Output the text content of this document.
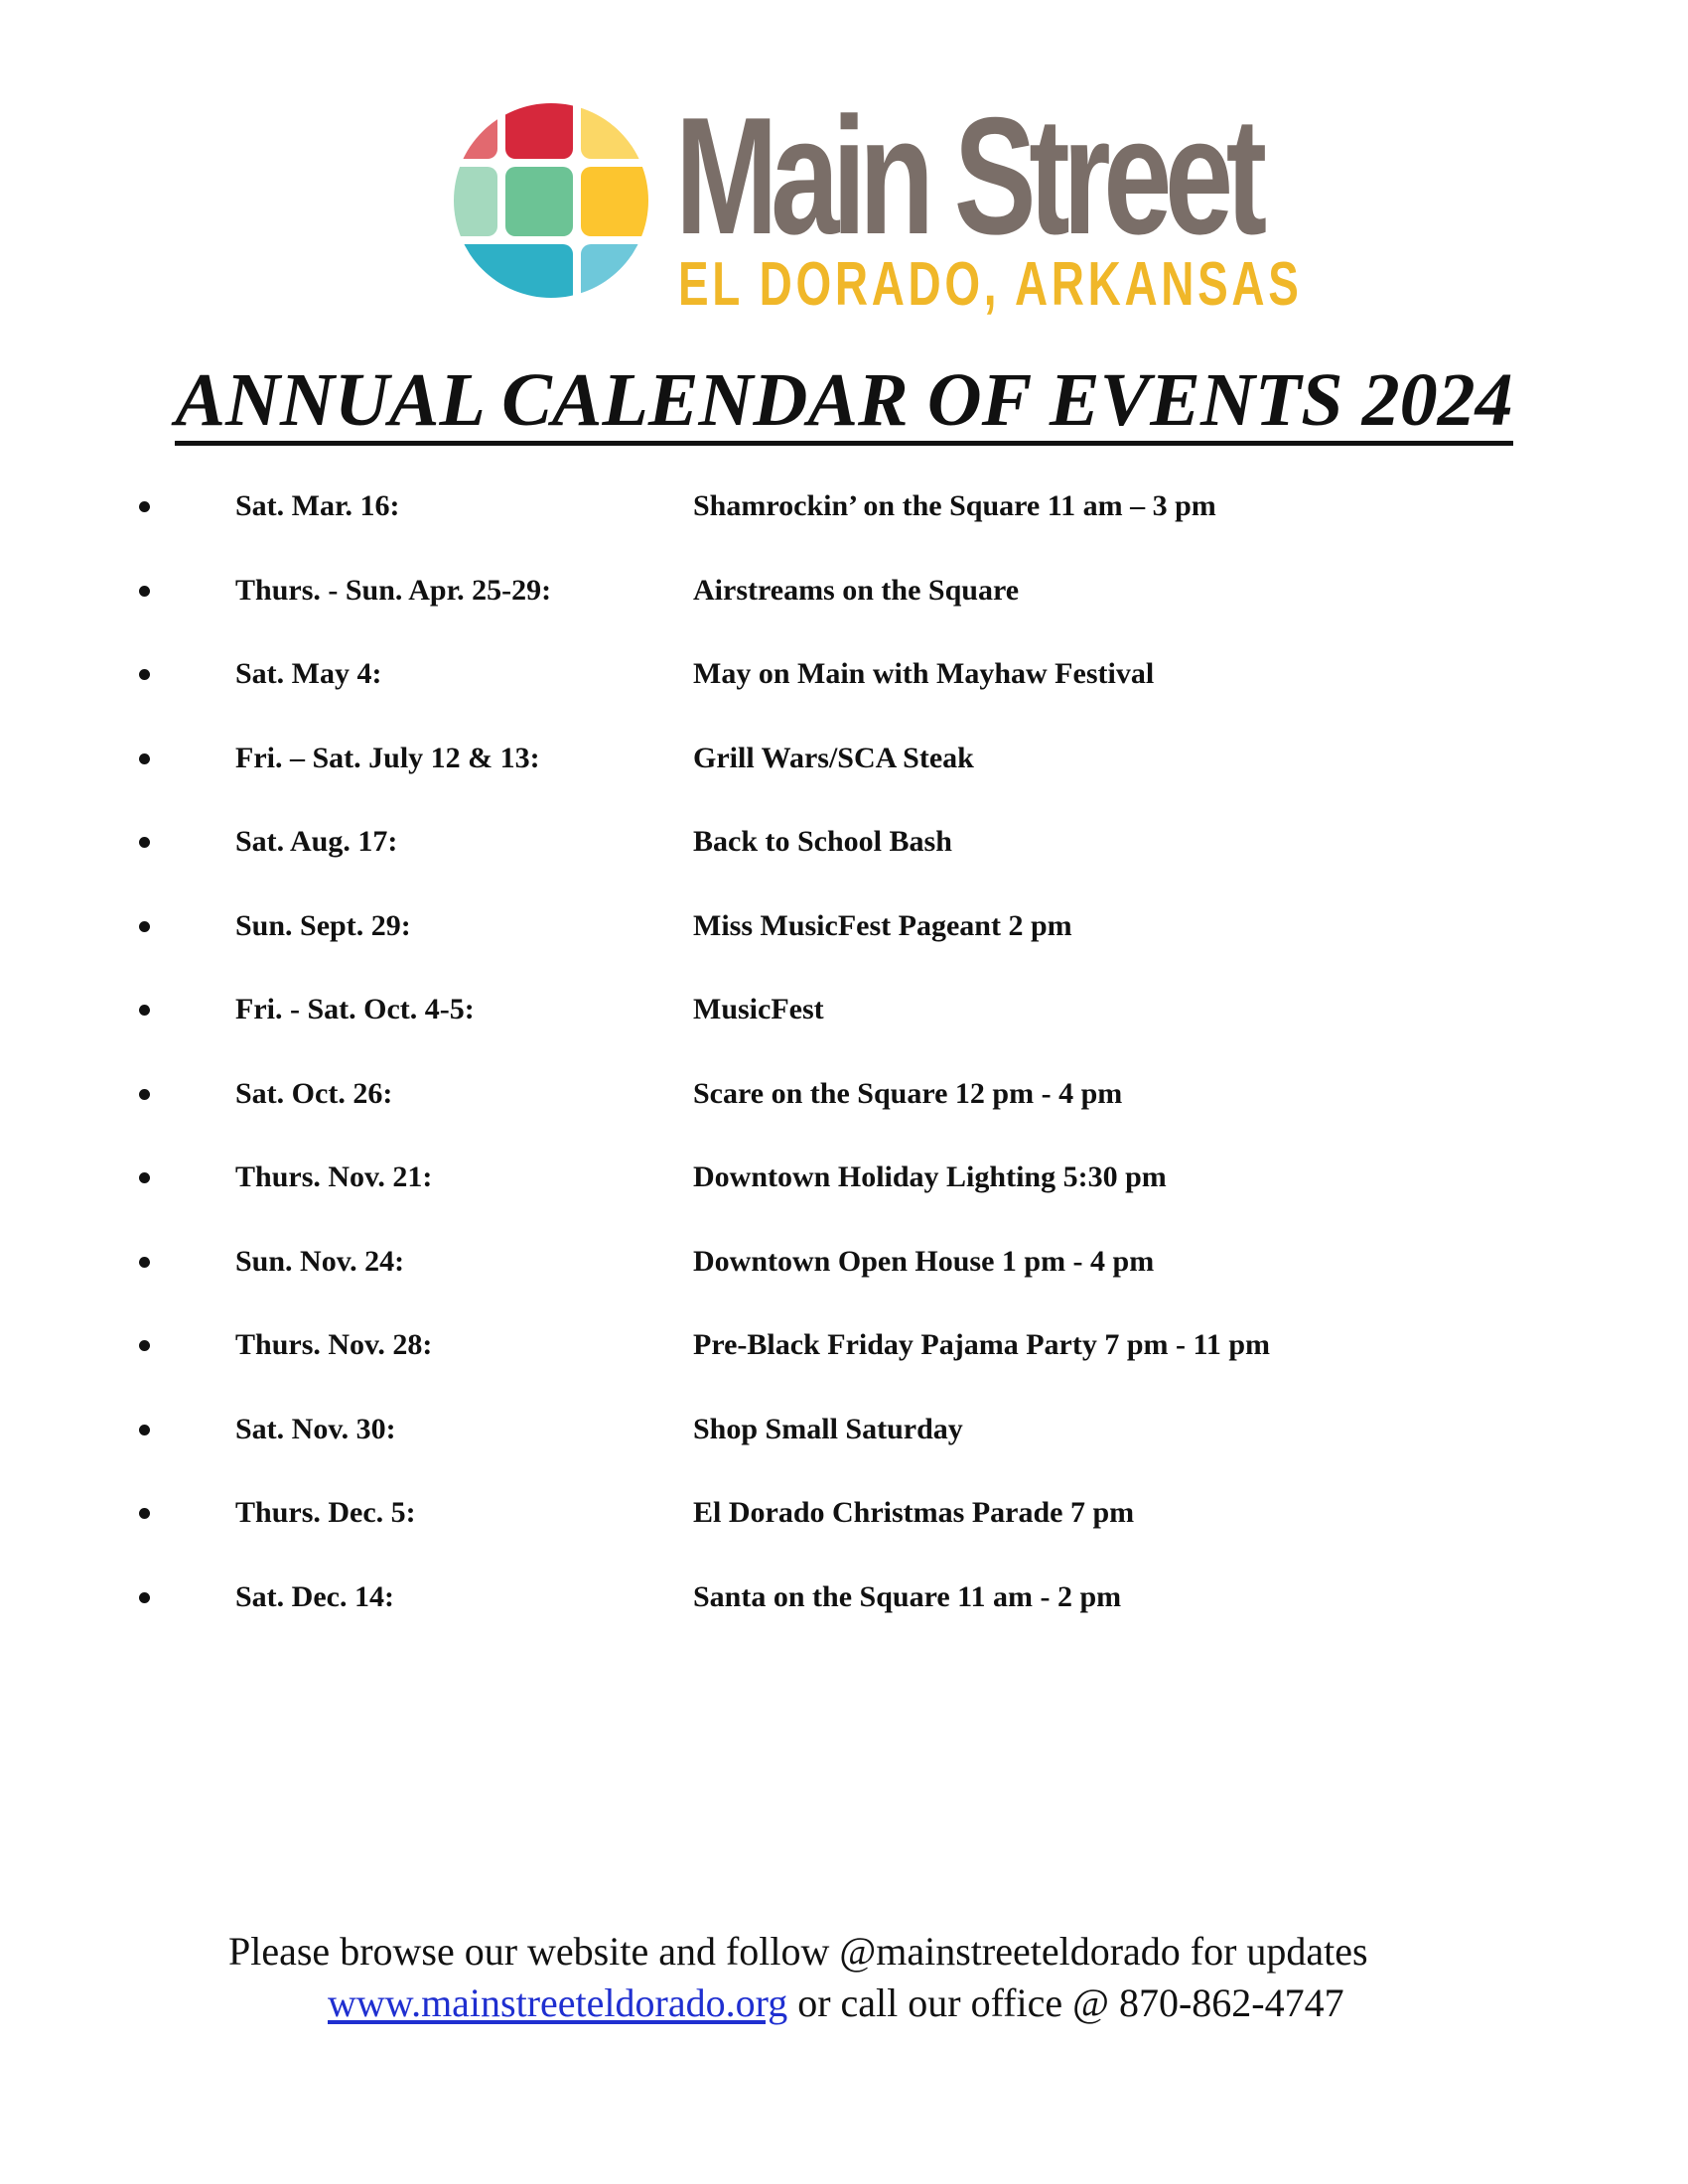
Main Street
EL DORADO, ARKANSAS
ANNUAL CALENDAR OF EVENTS 2024
Sat. Mar. 16:	Shamrockin’ on the Square 11 am – 3 pm
Thurs. - Sun. Apr. 25-29:	Airstreams on the Square
Sat. May 4:	May on Main with Mayhaw Festival
Fri. – Sat. July 12 & 13:	Grill Wars/SCA Steak
Sat. Aug. 17:	Back to School Bash
Sun. Sept. 29:	Miss MusicFest Pageant 2 pm
Fri. - Sat. Oct. 4-5:	MusicFest
Sat. Oct. 26:	Scare on the Square 12 pm - 4 pm
Thurs. Nov. 21:	Downtown Holiday Lighting 5:30 pm
Sun. Nov. 24:	Downtown Open House 1 pm - 4 pm
Thurs. Nov. 28:	Pre-Black Friday Pajama Party 7 pm - 11 pm
Sat. Nov. 30:	Shop Small Saturday
Thurs. Dec. 5:	El Dorado Christmas Parade 7 pm
Sat. Dec. 14:	Santa on the Square 11 am - 2 pm
Please browse our website and follow @mainstreeteldorado for updates
www.mainstreeteldorado.org or call our office @ 870-862-4747
